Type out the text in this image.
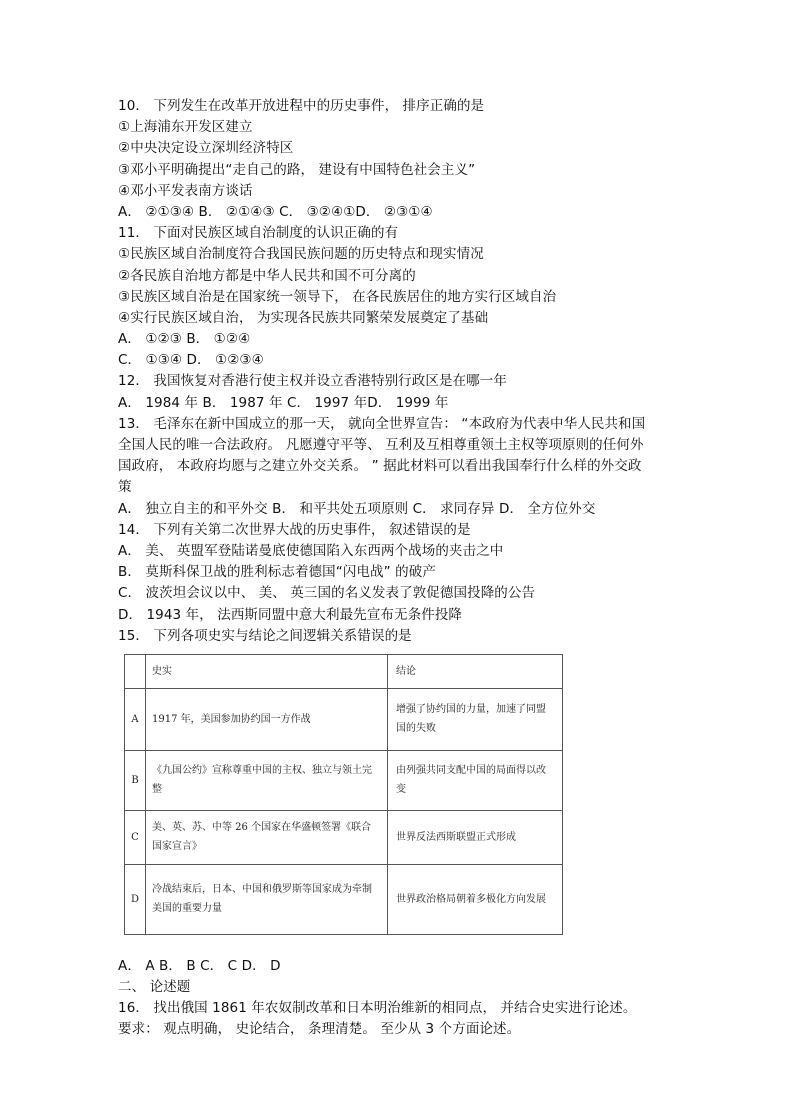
10． 下列发生在改革开放进程中的历史事件， 排序正确的是
①上海浦东开发区建立
②中央决定设立深圳经济特区
③邓小平明确提出“走自己的路， 建设有中国特色社会主义”
④邓小平发表南方谈话
A． ②①③④ B． ②①④③ C． ③②④①D． ②③①④
11． 下面对民族区域自治制度的认识正确的有
①民族区域自治制度符合我国民族问题的历史特点和现实情况
②各民族自治地方都是中华人民共和国不可分离的
③民族区域自治是在国家统一领导下， 在各民族居住的地方实行区域自治
④实行民族区域自治， 为实现各民族共同繁荣发展奠定了基础
A． ①②③ B． ①②④
C． ①③④ D． ①②③④
12． 我国恢复对香港行使主权并设立香港特别行政区是在哪一年
A． 1984 年 B． 1987 年 C． 1997 年D． 1999 年
13． 毛泽东在新中国成立的那一天， 就向全世界宣告： “本政府为代表中华人民共和国
全国人民的唯一合法政府。 凡愿遵守平等、 互利及互相尊重领土主权等项原则的任何外
国政府， 本政府均愿与之建立外交关系。 ” 据此材料可以看出我国奉行什么样的外交政
策
A． 独立自主的和平外交 B． 和平共处五项原则 C． 求同存异 D． 全方位外交
14． 下列有关第二次世界大战的历史事件， 叙述错误的是
A． 美、 英盟军登陆诺曼底使德国陷入东西两个战场的夹击之中
B． 莫斯科保卫战的胜利标志着德国“闪电战” 的破产
C． 波茨坦会议以中、 美、 英三国的名义发表了敦促德国投降的公告
D． 1943 年， 法西斯同盟中意大利最先宣布无条件投降
15． 下列各项史实与结论之间逻辑关系错误的是
	史实	结论
A	1917 年，美国参加协约国一方作战	增强了协约国的力量，加速了同盟国的失败
B	《九国公约》宣称尊重中国的主权、独立与领土完整	由列强共同支配中国的局面得以改变
C	美、英、苏、中等 26 个国家在华盛顿签署《联合国家宣言》	世界反法西斯联盟正式形成
D	冷战结束后，日本、中国和俄罗斯等国家成为牵制美国的重要力量	世界政治格局朝着多极化方向发展
A． A B． B C． C D． D
二、 论述题
16． 找出俄国 1861 年农奴制改革和日本明治维新的相同点， 并结合史实进行论述。
要求： 观点明确， 史论结合， 条理清楚。 至少从 3 个方面论述。
